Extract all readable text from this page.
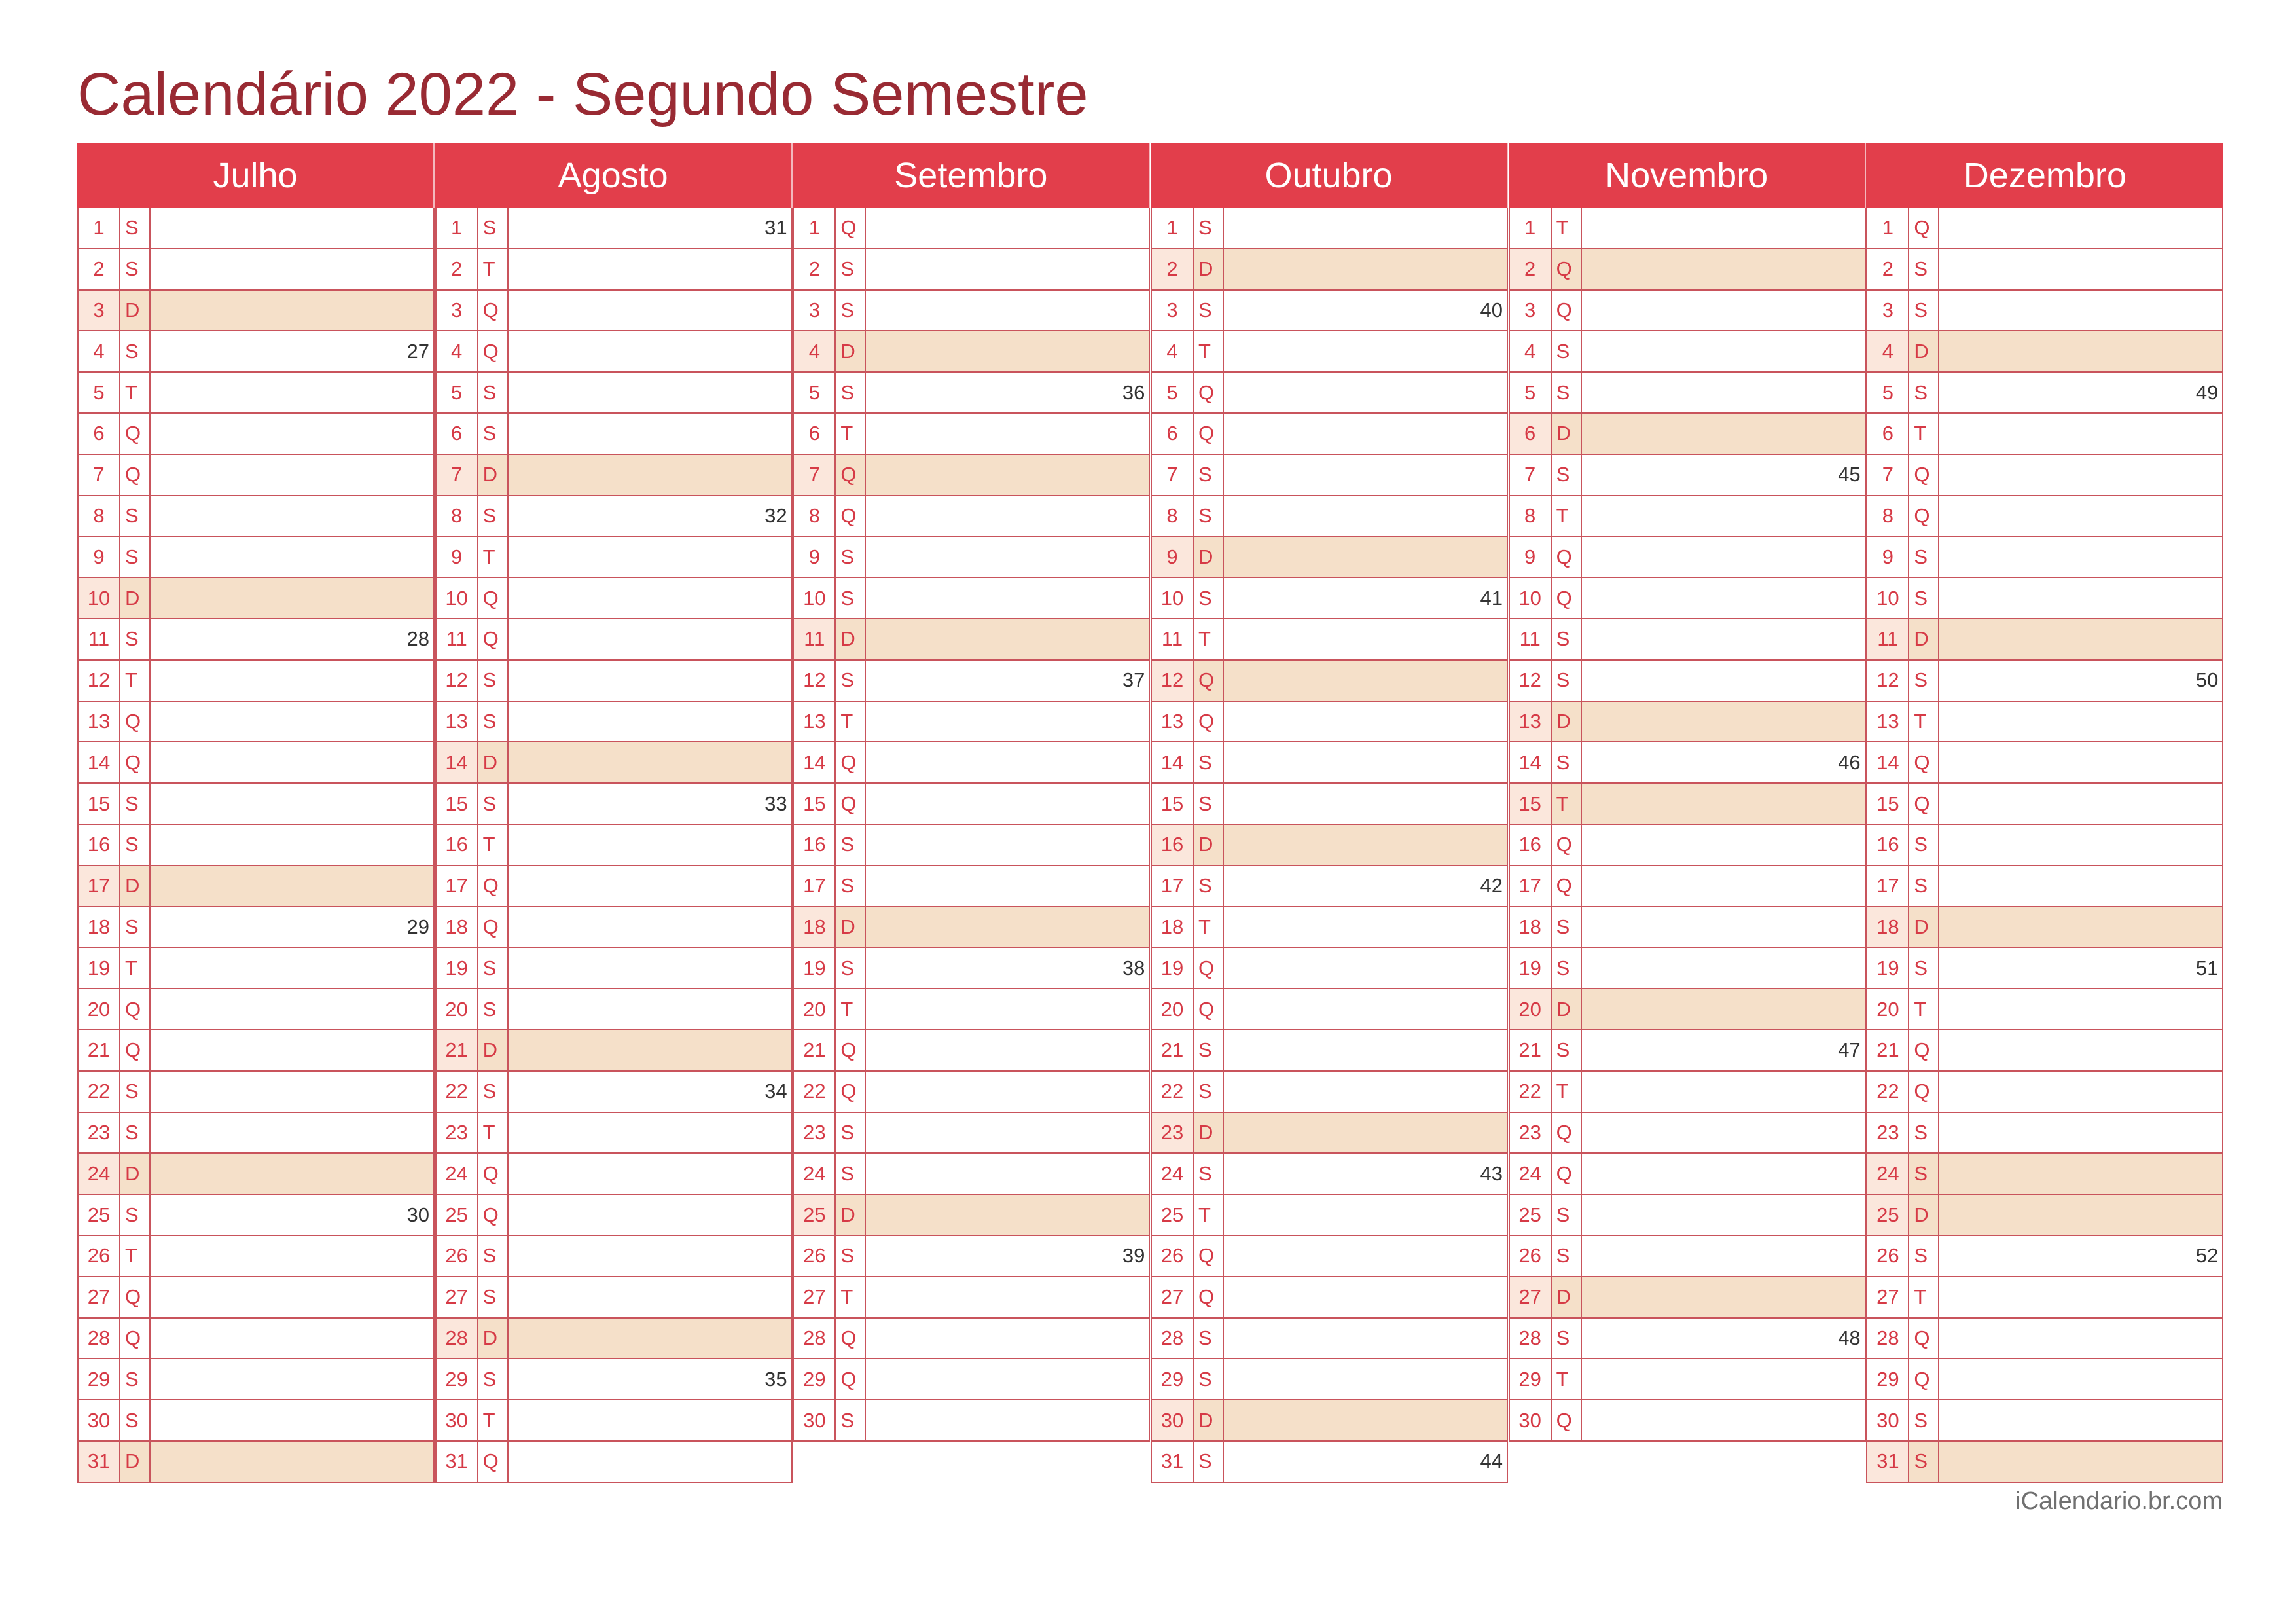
Calendário 2022 - Segundo Semestre
Julho
1	S
2	S
3	D
4	S	27
5	T
6	Q
7	Q
8	S
9	S
10 D
11 S	28
12 T
13 Q
14 Q
15 S
16 S
17 D
18 S	29
19 T
20 Q
21 Q
22 S
23 S
24 D
25 S	30
26 T
27 Q
28 Q
29 S
30 S
31 D
Agosto
1	S	31
2	T
3	Q
4	Q
5	S
6	S
7	D
8	S	32
9	T
10 Q
11 Q
12 S
13 S
14 D
15 S	33
16 T
17 Q
18 Q
19 S
20 S
21 D
22 S	34
23 T
24 Q
25 Q
26 S
27 S
28 D
29 S	35
30 T
31 Q
Setembro
1	Q
2	S
3	S
4	D
5	S	36
6	T
7	Q
8	Q
9	S
10 S
11 D
12 S	37
13 T
14 Q
15 Q
16 S
17 S
18 D
19 S	38
20 T
21 Q
22 Q
23 S
24 S
25 D
26 S	39
27 T
28 Q
29 Q
30 S
Outubro
1	S
2	D
3	S	40
4	T
5	Q
6	Q
7	S
8	S
9	D
10 S	41
11 T
12 Q
13 Q
14 S
15 S
16 D
17 S	42
18 T
19 Q
20 Q
21 S
22 S
23 D
24 S	43
25 T
26 Q
27 Q
28 S
29 S
30 D
31 S	44
Novembro
1	T
2	Q
3	Q
4	S
5	S
6	D
7	S	45
8	T
9	Q
10 Q
11 S
12 S
13 D
14 S	46
15 T
16 Q
17 Q
18 S
19 S
20 D
21 S	47
22 T
23 Q
24 Q
25 S
26 S
27 D
28 S	48
29 T
30 Q
Dezembro
1	Q
2	S
3	S
4	D
5	S	49
6	T
7	Q
8	Q
9	S
10 S
11 D
12 S	50
13 T
14 Q
15 Q
16 S
17 S
18 D
19 S	51
20 T
21 Q
22 Q
23 S
24 S
25 D
26 S	52
27 T
28 Q
29 Q
30 S
31 S
iCalendario.br.com
